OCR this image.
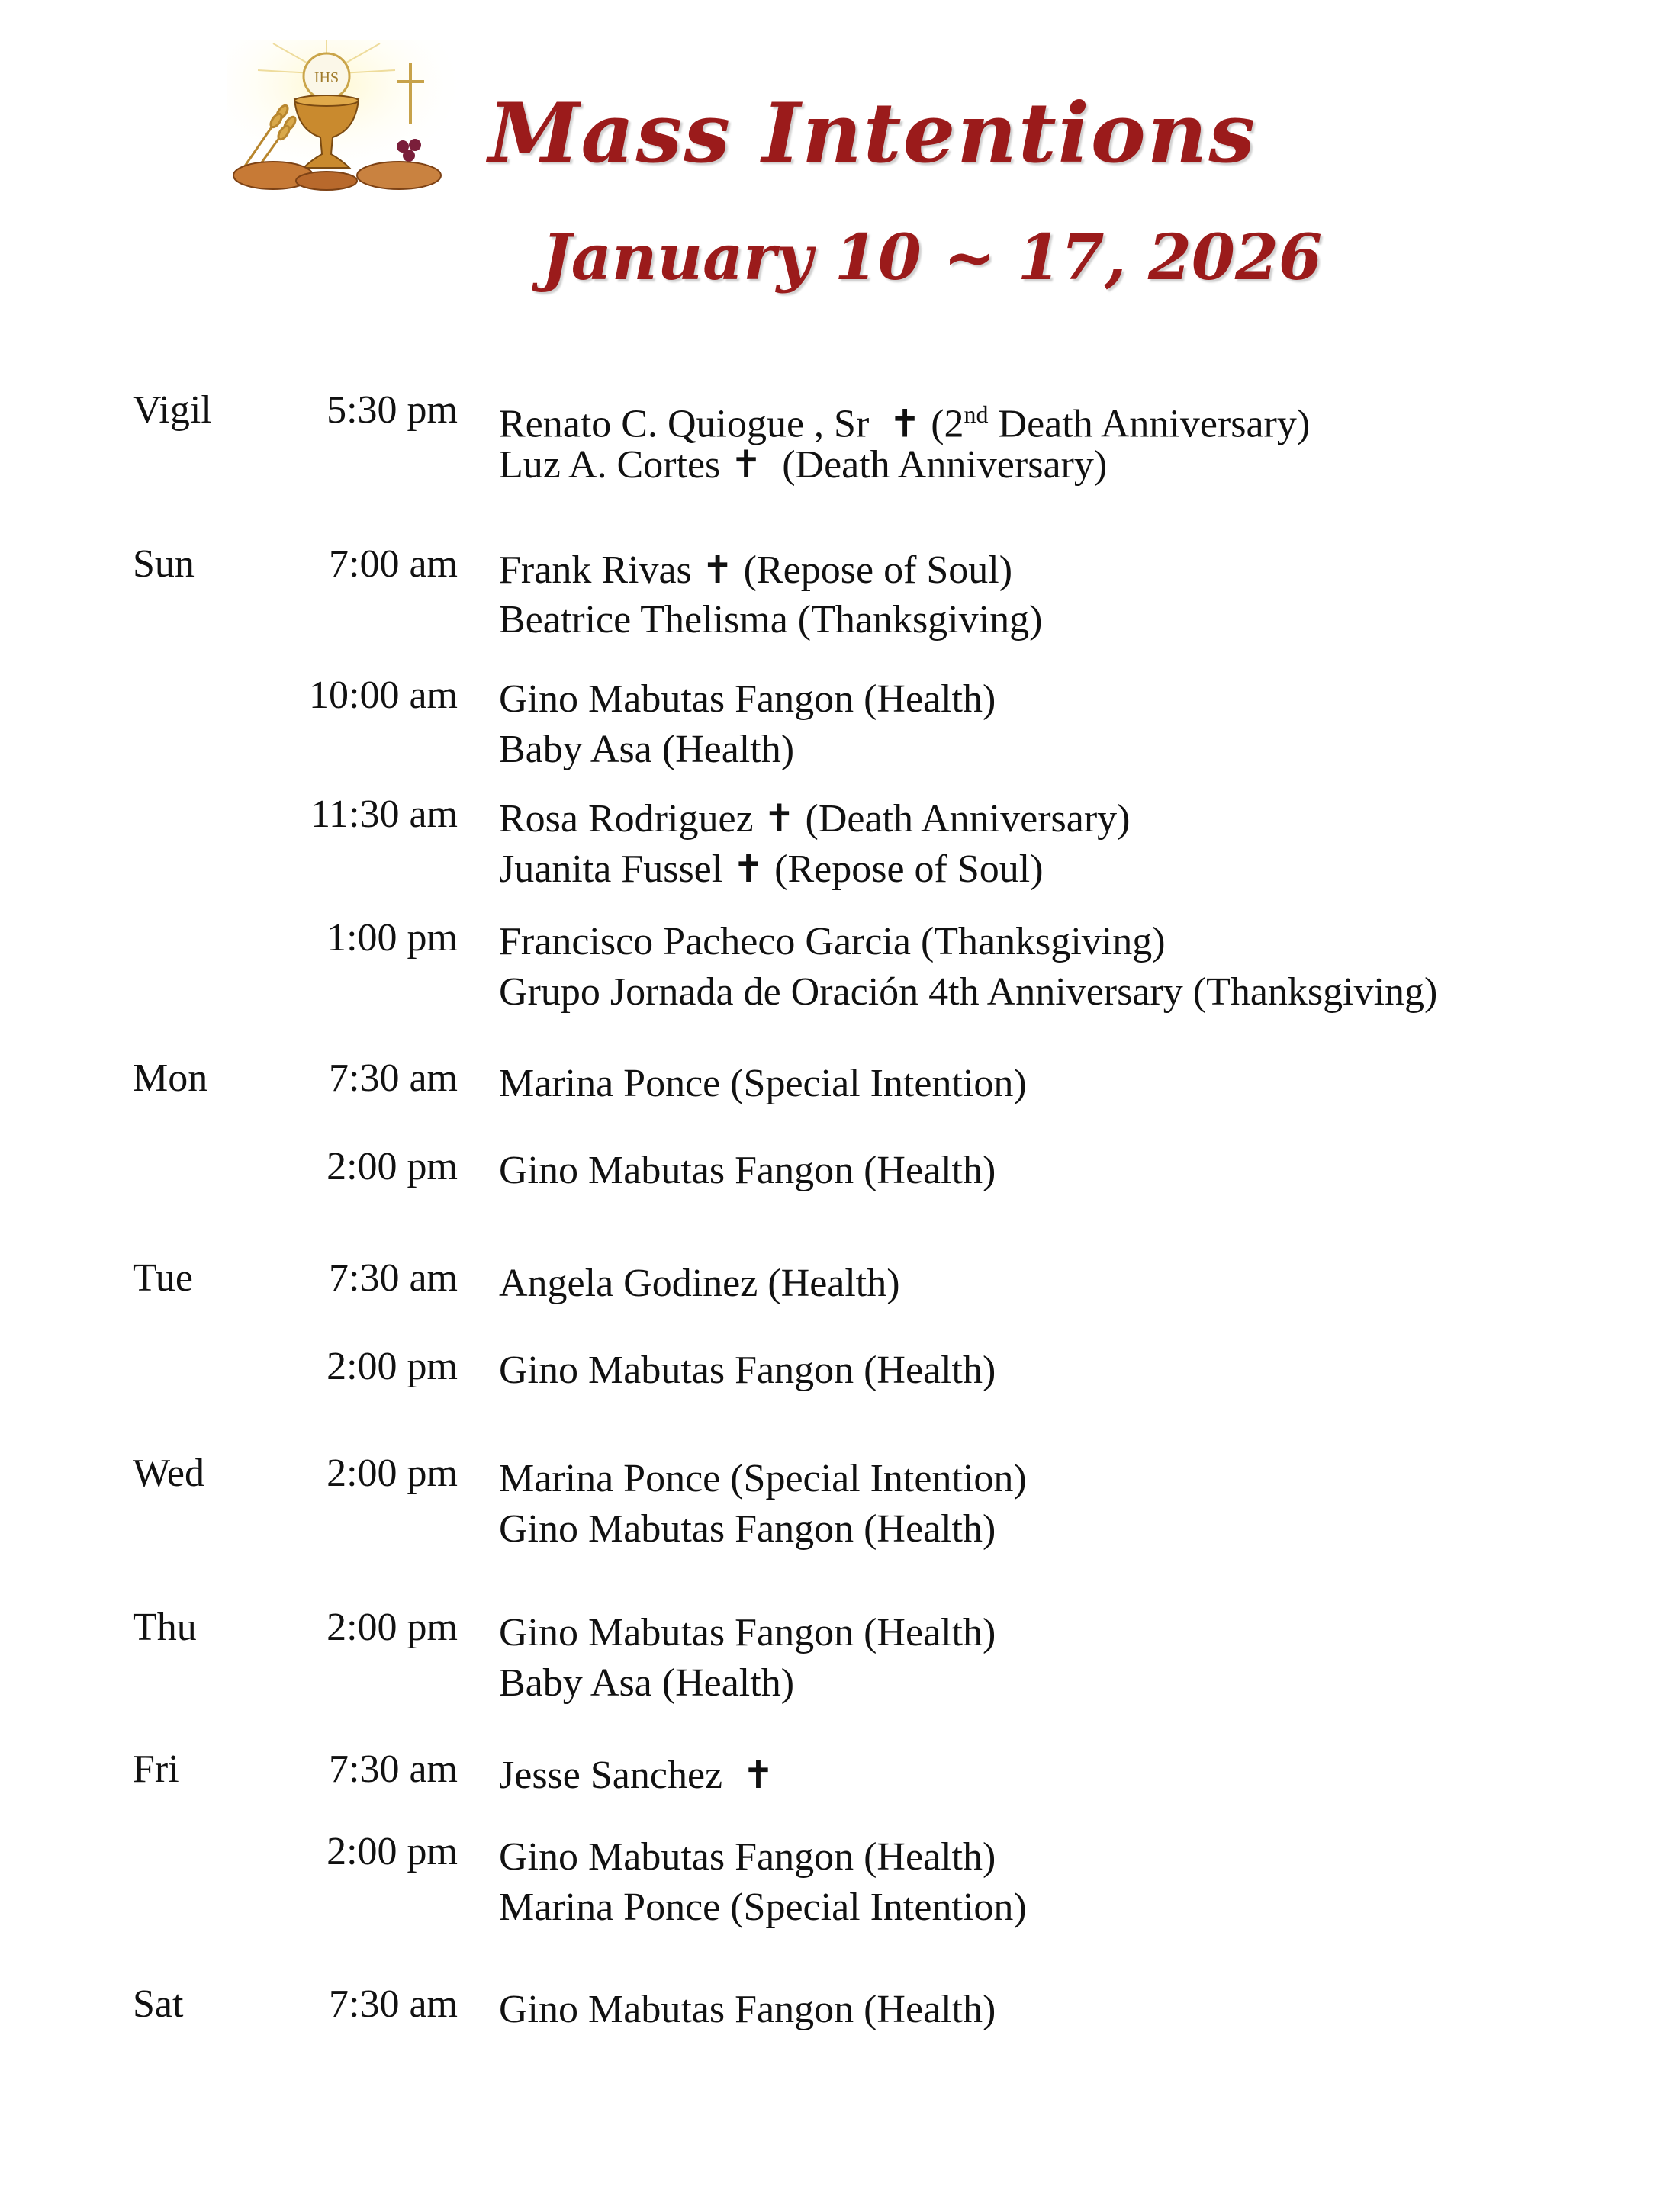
IHS
Mass Intentions
January 10 ~ 17, 2026
Vigil	5:30 pm Renato C. Quiogue , Sr ✝ (2nd Death Anniversary)
Luz A. Cortes ✝ (Death Anniversary)
Sun	7:00 am Frank Rivas ✝ (Repose of Soul)
Beatrice Thelisma (Thanksgiving)
10:00 am Gino Mabutas Fangon (Health)
Baby Asa (Health)
11:30 am Rosa Rodriguez ✝ (Death Anniversary)
Juanita Fussel ✝ (Repose of Soul)
1:00 pm Francisco Pacheco Garcia (Thanksgiving)
Grupo Jornada de Oración 4th Anniversary (Thanksgiving)
Mon	7:30 am Marina Ponce (Special Intention)
2:00 pm Gino Mabutas Fangon (Health)
Tue	7:30 am Angela Godinez (Health)
2:00 pm Gino Mabutas Fangon (Health)
Wed	2:00 pm Marina Ponce (Special Intention)
Gino Mabutas Fangon (Health)
Thu	2:00 pm Gino Mabutas Fangon (Health)
Baby Asa (Health)
Fri	7:30 am Jesse Sanchez ✝
2:00 pm Gino Mabutas Fangon (Health)
Marina Ponce (Special Intention)
Sat	7:30 am Gino Mabutas Fangon (Health)
